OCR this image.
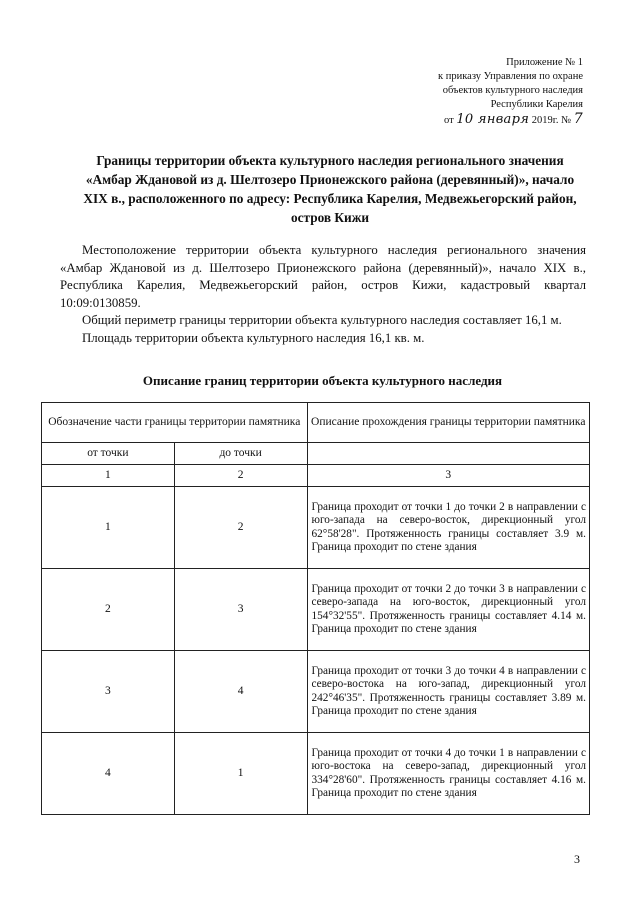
Приложение № 1
к приказу Управления по охране
объектов культурного наследия
Республики Карелия
от 10 января 2019г. № 7
Границы территории объекта культурного наследия регионального значения
«Амбар Ждановой из д. Шелтозеро Прионежского района (деревянный)», начало
XIX в., расположенного по адресу: Республика Карелия, Медвежьегорский район,
остров Кижи

Местоположение территории объекта культурного наследия регионального значения «Амбар Ждановой из д. Шелтозеро Прионежского района (деревянный)», начало XIX в., Республика Карелия, Медвежьегорский район, остров Кижи, кадастровый квартал 10:09:0130859.

Общий периметр границы территории объекта культурного наследия составляет 16,1 м.

Площадь территории объекта культурного наследия 16,1 кв. м.

Описание границ территории объекта культурного наследия
Обозначение части границы территории памятника		Описание прохождения границы территории памятника
от точки	до точки	
1	2	3
1	2	Граница проходит от точки 1 до точки 2 в направлении с юго-запада на северо-восток, дирекционный угол 62°58'28". Протяженность границы составляет 3.9 м. Граница проходит по стене здания
2	3	Граница проходит от точки 2 до точки 3 в направлении с северо-запада на юго-восток, дирекционный угол 154°32'55". Протяженность границы составляет 4.14 м. Граница проходит по стене здания
3	4	Граница проходит от точки 3 до точки 4 в направлении с северо-востока на юго-запад, дирекционный угол 242°46'35". Протяженность границы составляет 3.89 м. Граница проходит по стене здания
4	1	Граница проходит от точки 4 до точки 1 в направлении с юго-востока на северо-запад, дирекционный угол 334°28'60". Протяженность границы составляет 4.16 м. Граница проходит по стене здания
3
